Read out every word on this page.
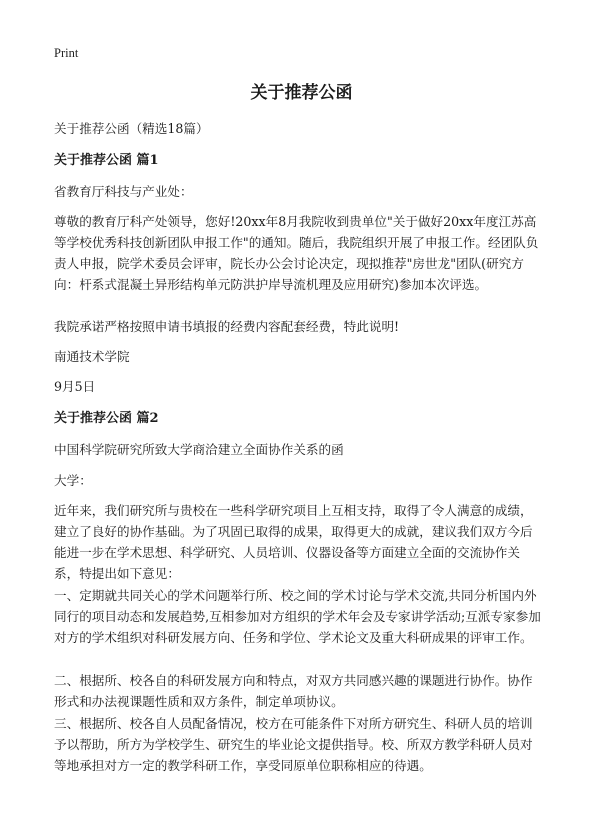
Print
关于推荐公函

关于推荐公函（精选18篇）

关于推荐公函 篇1

省教育厅科技与产业处：

尊敬的教育厅科产处领导，您好!20xx年8月我院收到贵单位"关于做好20xx年度江苏高等学校优秀科技创新团队申报工作"的通知。随后，我院组织开展了申报工作。经团队负责人申报，院学术委员会评审，院长办公会讨论决定，现拟推荐"房世龙"团队(研究方向：杆系式混凝土异形结构单元防洪护岸导流机理及应用研究)参加本次评选。

我院承诺严格按照申请书填报的经费内容配套经费，特此说明!

南通技术学院

9月5日

关于推荐公函 篇2

中国科学院研究所致大学商洽建立全面协作关系的函

大学：

近年来，我们研究所与贵校在一些科学研究项目上互相支持，取得了令人满意的成绩，建立了良好的协作基础。为了巩固已取得的成果，取得更大的成就，建议我们双方今后能进一步在学术思想、科学研究、人员培训、仪器设备等方面建立全面的交流协作关系，特提出如下意见：

一、定期就共同关心的学术问题举行所、校之间的学术讨论与学术交流,共同分析国内外同行的项目动态和发展趋势,互相参加对方组织的学术年会及专家讲学活动;互派专家参加对方的学术组织对科研发展方向、任务和学位、学术论文及重大科研成果的评审工作。

二、根据所、校各自的科研发展方向和特点，对双方共同感兴趣的课题进行协作。协作形式和办法视课题性质和双方条件，制定单项协议。

三、根据所、校各自人员配备情况，校方在可能条件下对所方研究生、科研人员的培训予以帮助，所方为学校学生、研究生的毕业论文提供指导。校、所双方教学科研人员对等地承担对方一定的教学科研工作，享受同原单位职称相应的待遇。
